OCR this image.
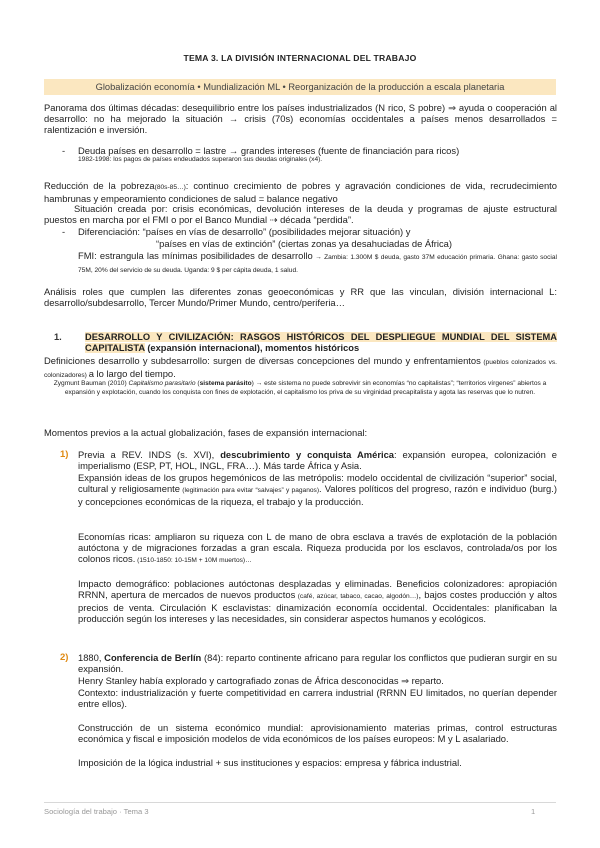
TEMA 3. LA DIVISIÓN INTERNACIONAL DEL TRABAJO
Globalización economía • Mundialización ML • Reorganización de la producción a escala planetaria

Panorama dos últimas décadas: desequilibrio entre los países industrializados (N rico, S pobre) ⇒ ayuda o cooperación al desarrollo: no ha mejorado la situación → crisis (70s) economías occidentales a países menos desarrollados = ralentización e inversión.

- Deuda países en desarrollo = lastre → grandes intereses (fuente de financiación para ricos)

1982-1998: los pagos de países endeudados superaron sus deudas originales (x4).

Reducción de la pobreza(80s-85…): continuo crecimiento de pobres y agravación condiciones de vida, recrudecimiento hambrunas y empeoramiento condiciones de salud = balance negativo

Situación creada por: crisis económicas, devolución intereses de la deuda y programas de ajuste estructural puestos en marcha por el FMI o por el Banco Mundial ⇢ década “perdida”.

- Diferenciación: “países en vías de desarrollo” (posibilidades mejorar situación) y

“países en vías de extinción” (ciertas zonas ya desahuciadas de África)

FMI: estrangula las mínimas posibilidades de desarrollo → Zambia: 1.300M $ deuda, gasto 37M educación primaria. Ghana: gasto social 75M, 20% del servicio de su deuda. Uganda: 9 $ per cápita deuda, 1 salud.

Análisis roles que cumplen las diferentes zonas geoeconómicas y RR que las vinculan, división internacional L: desarrollo/subdesarrollo, Tercer Mundo/Primer Mundo, centro/periferia…

1. DESARROLLO Y CIVILIZACIÓN: RASGOS HISTÓRICOS DEL DESPLIEGUE MUNDIAL DEL SISTEMA CAPITALISTA (expansión internacional), momentos históricos

Definiciones desarrollo y subdesarrollo: surgen de diversas concepciones del mundo y enfrentamientos (pueblos colonizados vs. colonizadores) a lo largo del tiempo.

Zygmunt Bauman (2010) Capitalismo parasitario (sistema parásito) → este sistema no puede sobrevivir sin economías “no capitalistas”; “territorios vírgenes” abiertos a expansión y explotación, cuando los conquista con fines de explotación, el capitalismo los priva de su virginidad precapitalista y agota las reservas que lo nutren.

Momentos previos a la actual globalización, fases de expansión internacional:

1) Previa a REV. INDS (s. XVI), descubrimiento y conquista América: expansión europea, colonización e imperialismo (ESP, PT, HOL, INGL, FRA…). Más tarde África y Asia.

Expansión ideas de los grupos hegemónicos de las metrópolis: modelo occidental de civilización “superior” social, cultural y religiosamente (legitimación para evitar “salvajes” y paganos). Valores políticos del progreso, razón e individuo (burg.) y concepciones económicas de la riqueza, el trabajo y la producción.

Economías ricas: ampliaron su riqueza con L de mano de obra esclava a través de explotación de la población autóctona y de migraciones forzadas a gran escala. Riqueza producida por los esclavos, controlada/os por los colonos ricos. (1510-1850: 10-15M + 10M muertos)…

Impacto demográfico: poblaciones autóctonas desplazadas y eliminadas. Beneficios colonizadores: apropiación RRNN, apertura de mercados de nuevos productos (café, azúcar, tabaco, cacao, algodón…), bajos costes producción y altos precios de venta. Circulación K esclavistas: dinamización economía occidental. Occidentales: planificaban la producción según los intereses y las necesidades, sin considerar aspectos humanos y ecológicos.

2) 1880, Conferencia de Berlín (84): reparto continente africano para regular los conflictos que pudieran surgir en su expansión.

Henry Stanley había explorado y cartografiado zonas de África desconocidas ⇒ reparto.

Contexto: industrialización y fuerte competitividad en carrera industrial (RRNN EU limitados, no querían depender entre ellos).

Construcción de un sistema económico mundial: aprovisionamiento materias primas, control estructuras económica y fiscal e imposición modelos de vida económicos de los países europeos: M y L asalariado.

Imposición de la lógica industrial + sus instituciones y espacios: empresa y fábrica industrial.

Sociología del trabajo · Tema 3	1
